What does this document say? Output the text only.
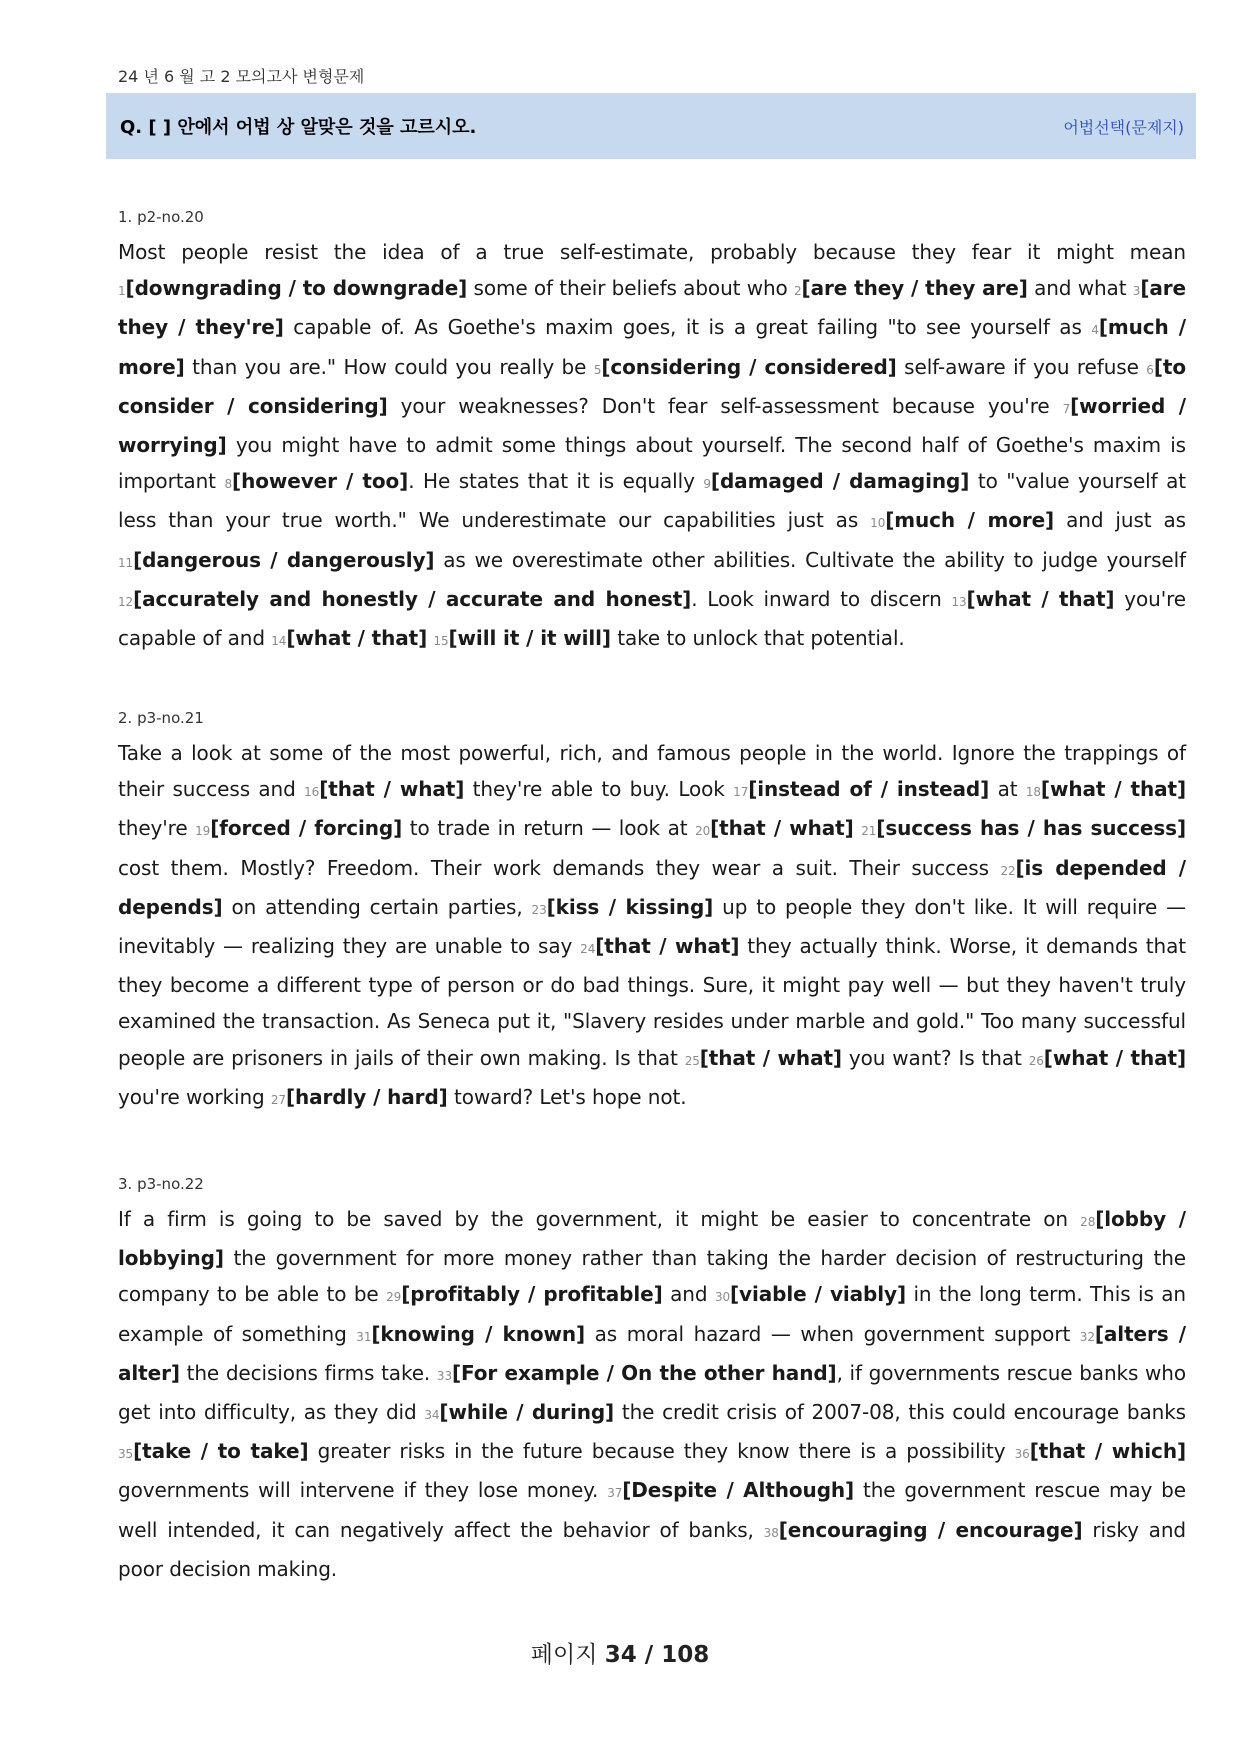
24 년 6 월 고 2 모의고사 변형문제
Q. [ ] 안에서 어법 상 알맞은 것을 고르시오.	어법선택(문제지)
1. p2-no.20

Most people resist the idea of a true self-estimate, probably because they fear it might mean 1[downgrading / to downgrade] some of their beliefs about who 2[are they / they are] and what 3[are they / they're] capable of. As Goethe's maxim goes, it is a great failing "to see yourself as 4[much / more] than you are." How could you really be 5[considering / considered] self-aware if you refuse 6[to consider / considering] your weaknesses? Don't fear self-assessment because you're 7[worried / worrying] you might have to admit some things about yourself. The second half of Goethe's maxim is important 8[however / too]. He states that it is equally 9[damaged / damaging] to "value yourself at less than your true worth." We underestimate our capabilities just as 10[much / more] and just as 11[dangerous / dangerously] as we overestimate other abilities. Cultivate the ability to judge yourself 12[accurately and honestly / accurate and honest]. Look inward to discern 13[what / that] you're capable of and 14[what / that] 15[will it / it will] take to unlock that potential.

2. p3-no.21

Take a look at some of the most powerful, rich, and famous people in the world. Ignore the trappings of their success and 16[that / what] they're able to buy. Look 17[instead of / instead] at 18[what / that] they're 19[forced / forcing] to trade in return — look at 20[that / what] 21[success has / has success] cost them. Mostly? Freedom. Their work demands they wear a suit. Their success 22[is depended / depends] on attending certain parties, 23[kiss / kissing] up to people they don't like. It will require — inevitably — realizing they are unable to say 24[that / what] they actually think. Worse, it demands that they become a different type of person or do bad things. Sure, it might pay well — but they haven't truly examined the transaction. As Seneca put it, "Slavery resides under marble and gold." Too many successful people are prisoners in jails of their own making. Is that 25[that / what] you want? Is that 26[what / that] you're working 27[hardly / hard] toward? Let's hope not.

3. p3-no.22

If a firm is going to be saved by the government, it might be easier to concentrate on 28[lobby / lobbying] the government for more money rather than taking the harder decision of restructuring the company to be able to be 29[profitably / profitable] and 30[viable / viably] in the long term. This is an example of something 31[knowing / known] as moral hazard — when government support 32[alters / alter] the decisions firms take. 33[For example / On the other hand], if governments rescue banks who get into difficulty, as they did 34[while / during] the credit crisis of 2007-08, this could encourage banks 35[take / to take] greater risks in the future because they know there is a possibility 36[that / which] governments will intervene if they lose money. 37[Despite / Although] the government rescue may be well intended, it can negatively affect the behavior of banks, 38[encouraging / encourage] risky and poor decision making.

페이지 34 / 108
